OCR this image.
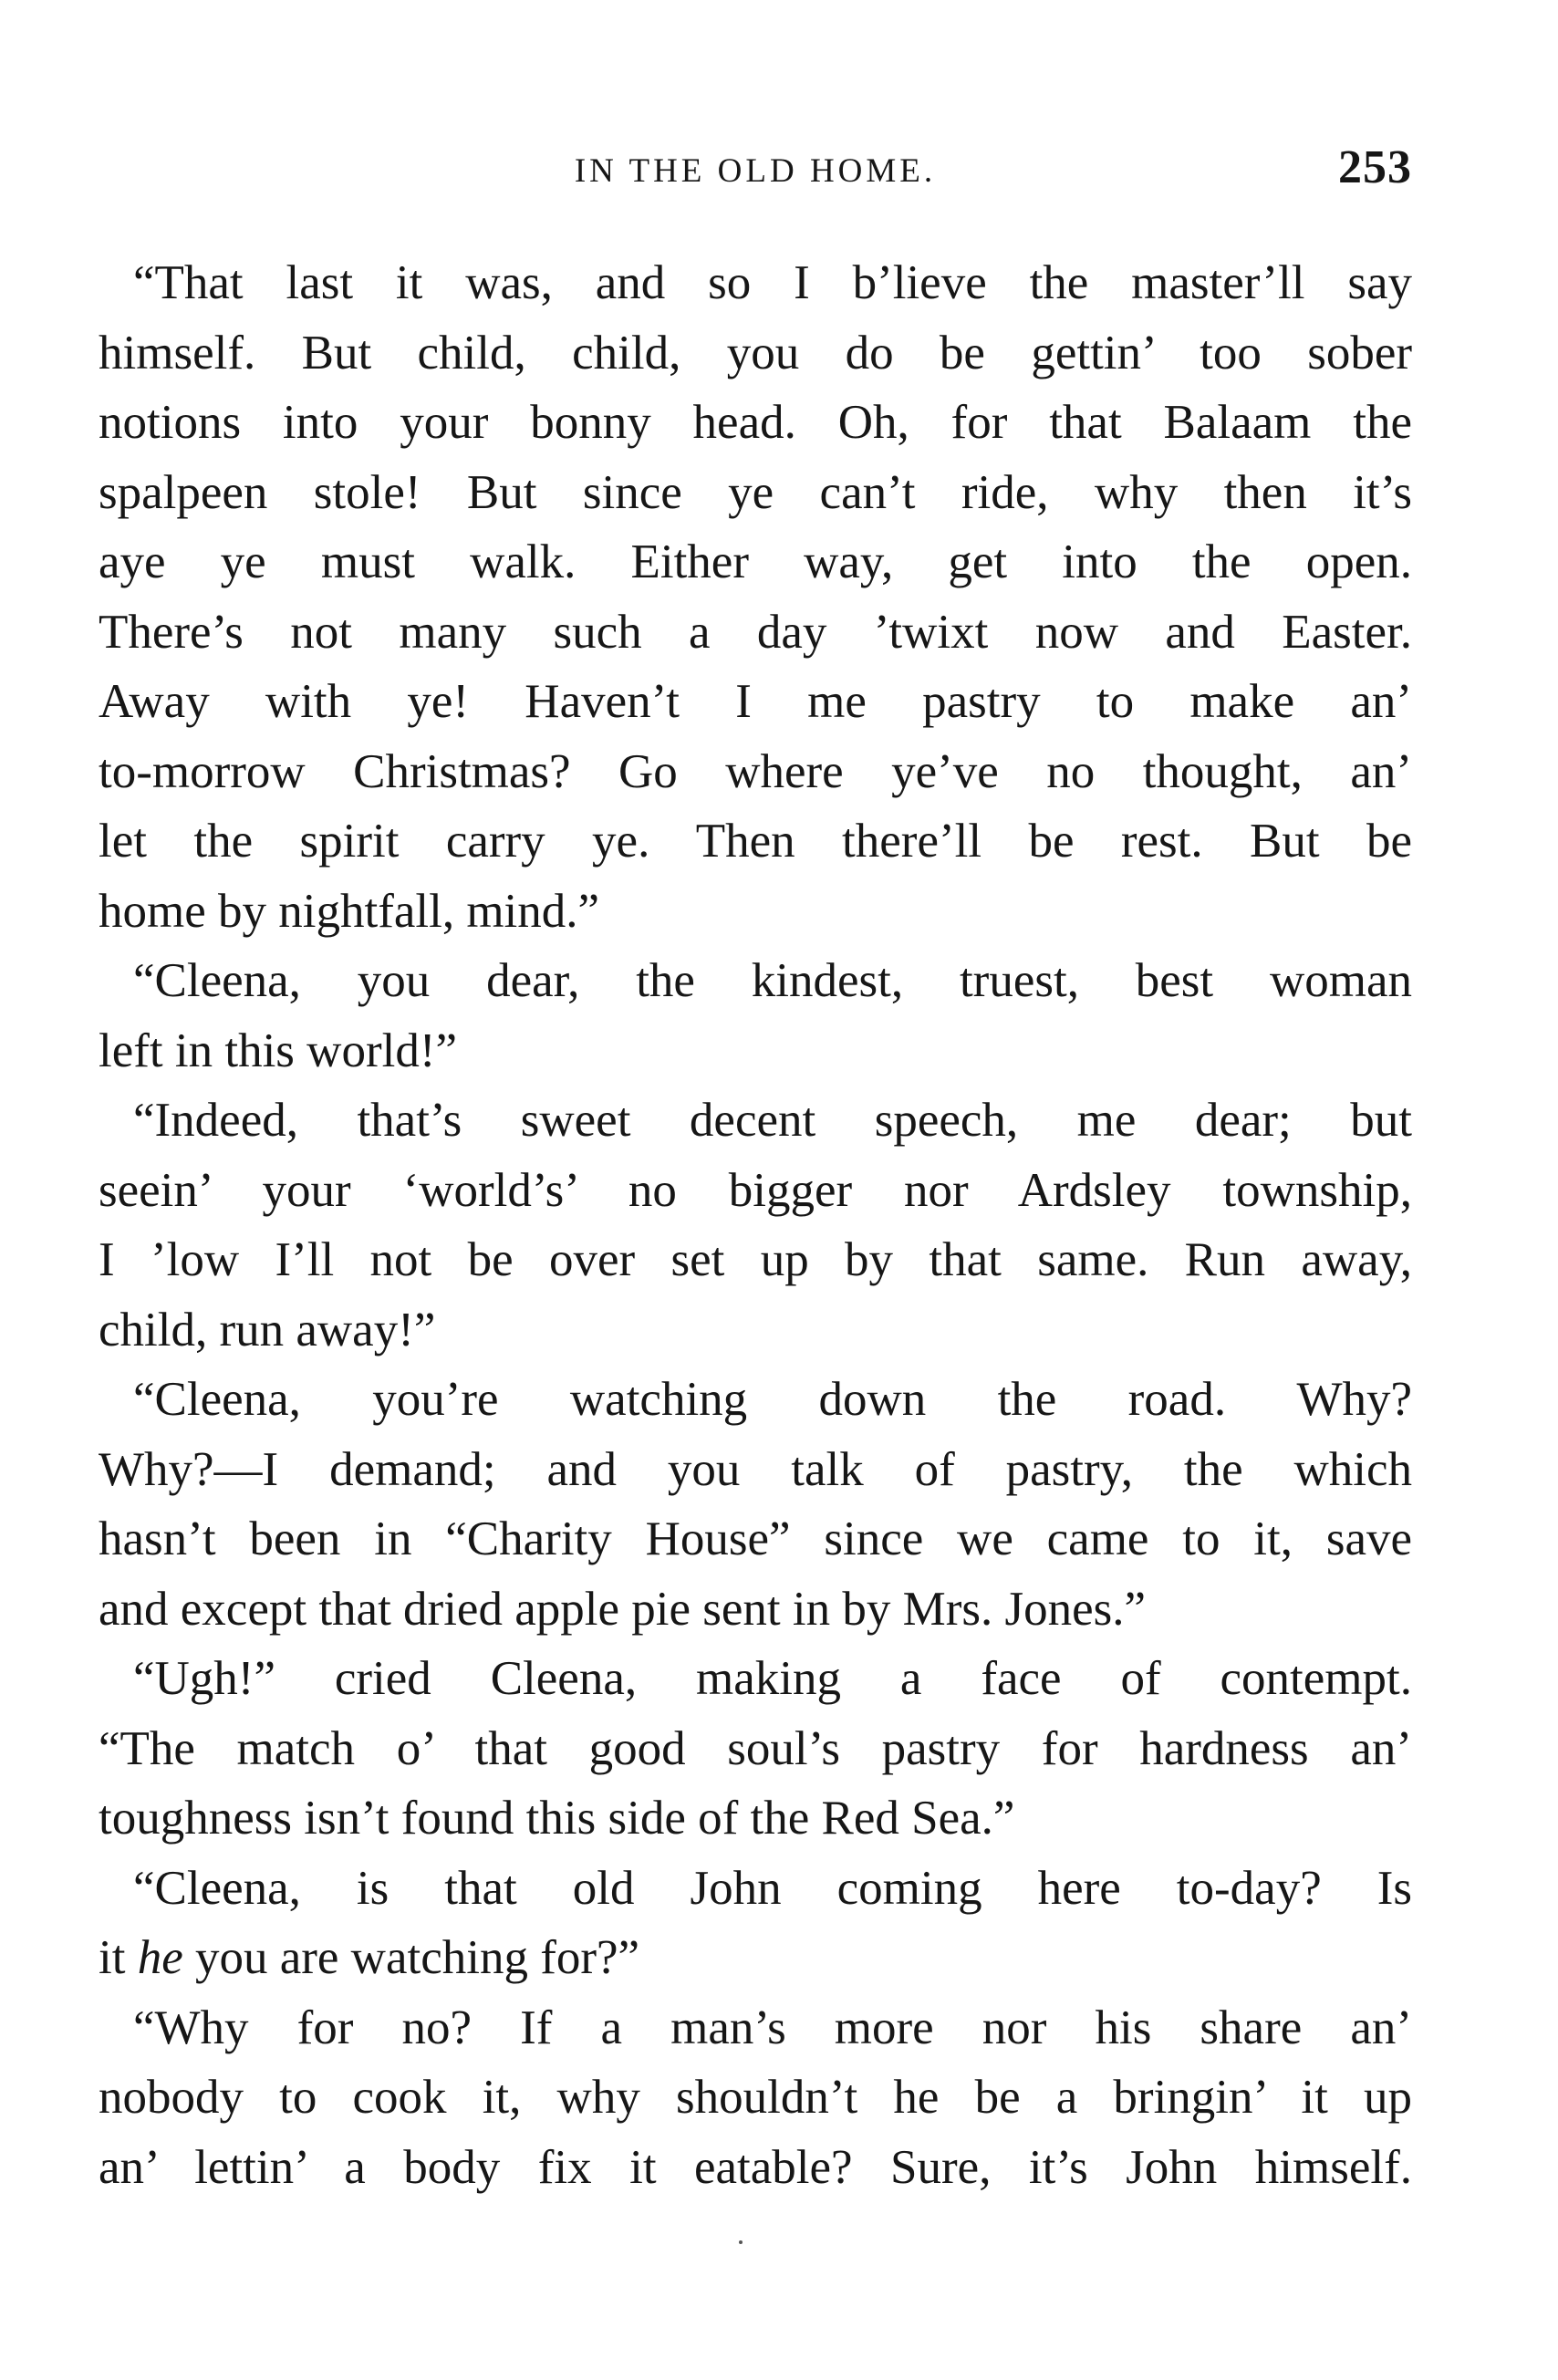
IN THE OLD HOME.	253
“That last it was, and so I b’lieve the master’ll say
himself. But child, child, you do be gettin’ too sober
notions into your bonny head. Oh, for that Balaam the
spalpeen stole! But since ye can’t ride, why then it’s
aye ye must walk. Either way, get into the open.
There’s not many such a day ’twixt now and Easter.
Away with ye! Haven’t I me pastry to make an’
to-morrow Christmas? Go where ye’ve no thought, an’
let the spirit carry ye. Then there’ll be rest. But be
home by nightfall, mind.”
“Cleena, you dear, the kindest, truest, best woman
left in this world!”
“Indeed, that’s sweet decent speech, me dear; but
seein’ your ‘world’s’ no bigger nor Ardsley township,
I ’low I’ll not be over set up by that same. Run away,
child, run away!”
“Cleena, you’re watching down the road. Why?
Why?—I demand; and you talk of pastry, the which
hasn’t been in “Charity House” since we came to it, save
and except that dried apple pie sent in by Mrs. Jones.”
“Ugh!” cried Cleena, making a face of contempt.
“The match o’ that good soul’s pastry for hardness an’
toughness isn’t found this side of the Red Sea.”
“Cleena, is that old John coming here to-day? Is
it he you are watching for?”
“Why for no? If a man’s more nor his share an’
nobody to cook it, why shouldn’t he be a bringin’ it up
an’ lettin’ a body fix it eatable? Sure, it’s John himself.
